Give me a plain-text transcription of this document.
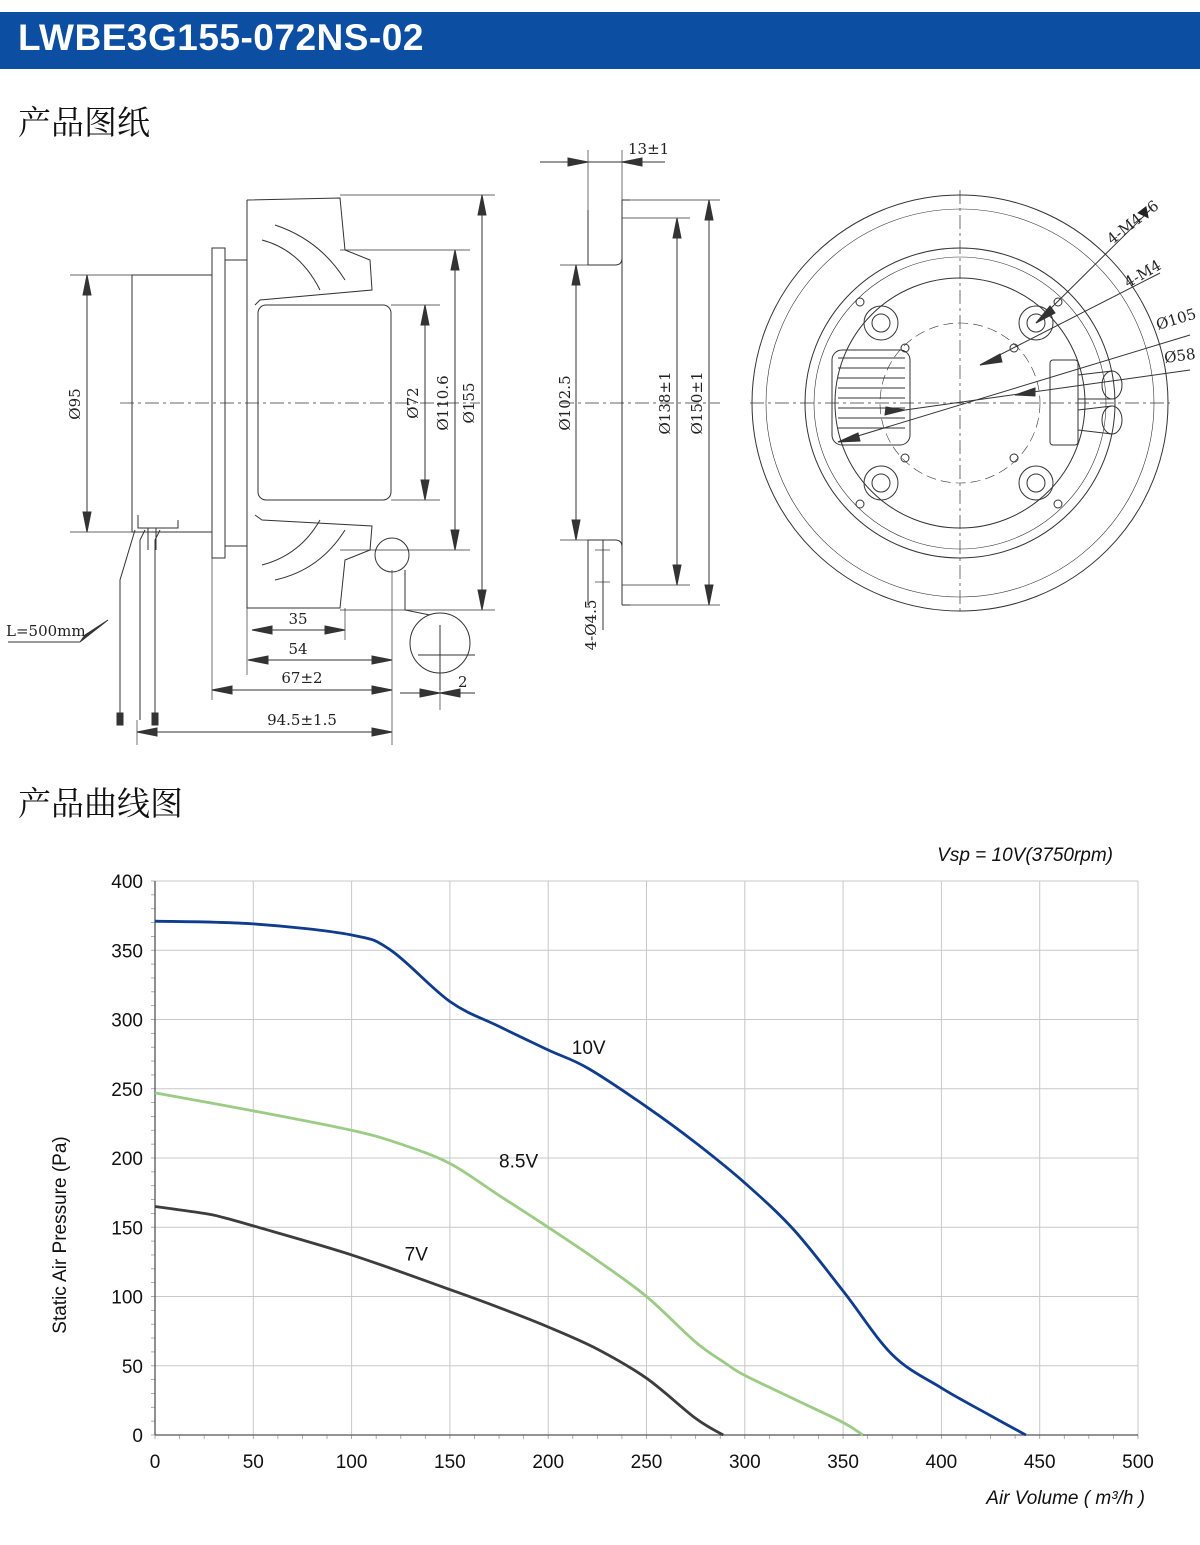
LWBE3G155-072NS-02
产品图纸
产品曲线图
Ø95	Ø72 Ø110.6 Ø155	Ø102.5	Ø138±1 Ø150±1
4-Ø4.5
13±1
35
54
67±2
94.5±1.5
2
L=500mm
4-M4▼6
4-M4
Ø105
Ø58
0
50
100
150
200
250
300
350
400
0	50	100	150	200	250	300	350	400	450	500
10V
8.5V
7V
Vsp = 10V(3750rpm)
Air Volume ( m³/h )
Static Air Pressure (Pa)
